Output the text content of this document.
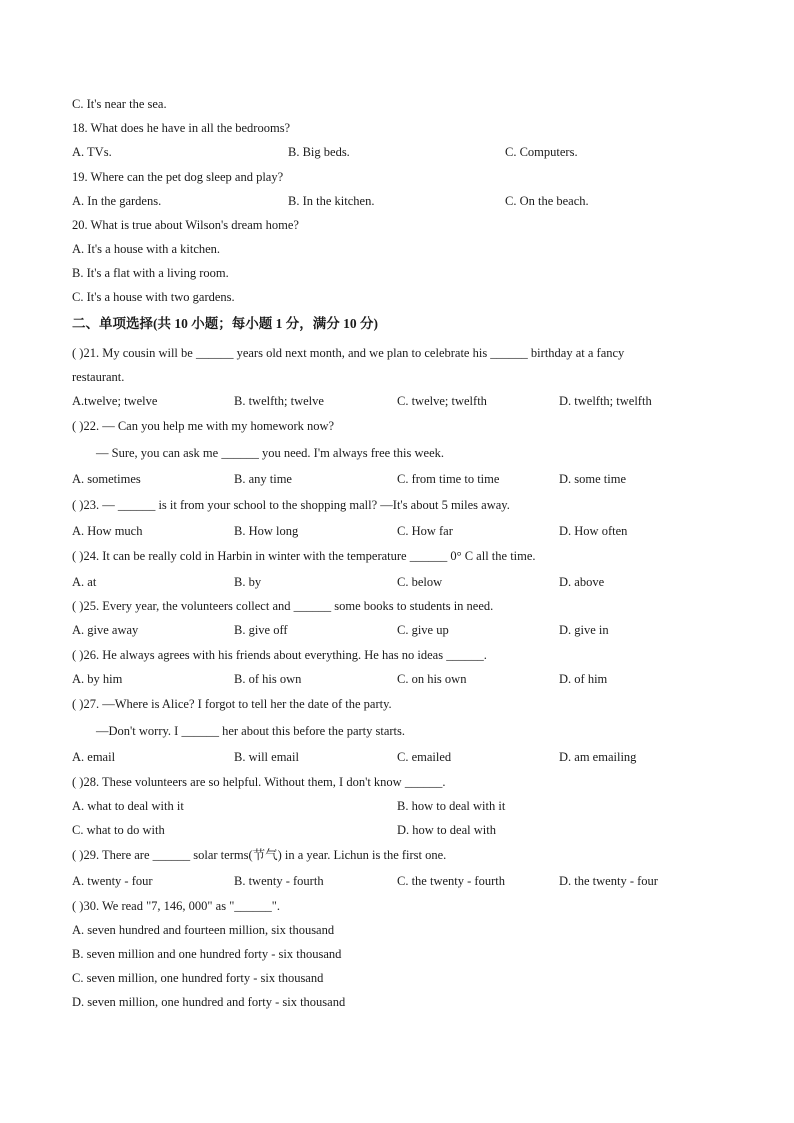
C. It's near the sea.
18. What does he have in all the bedrooms?
A. TVs.	B. Big beds.	C. Computers.
19. Where can the pet dog sleep and play?
A. In the gardens.	B. In the kitchen.	C. On the beach.
20. What is true about Wilson's dream home?
A. It's a house with a kitchen.
B. It's a flat with a living room.
C. It's a house with two gardens.
二、单项选择(共 10 小题；每小题 1 分，满分 10 分)
( )21. My cousin will be ______ years old next month, and we plan to celebrate his ______ birthday at a fancy
restaurant.
A.twelve; twelve	B. twelfth; twelve	C. twelve; twelfth	D. twelfth; twelfth
( )22. — Can you help me with my homework now?
— Sure, you can ask me ______ you need. I'm always free this week.
A. sometimes	B. any time	C. from time to time	D. some time
( )23. — ______ is it from your school to the shopping mall? —It's about 5 miles away.
A. How much	B. How long	C. How far	D. How often
( )24. It can be really cold in Harbin in winter with the temperature ______ 0° C all the time.
A. at	B. by	C. below	D. above
( )25. Every year, the volunteers collect and ______ some books to students in need.
A. give away	B. give off	C. give up	D. give in
( )26. He always agrees with his friends about everything. He has no ideas ______.
A. by him	B. of his own	C. on his own	D. of him
( )27. —Where is Alice? I forgot to tell her the date of the party.
—Don't worry. I ______ her about this before the party starts.
A. email	B. will email	C. emailed	D. am emailing
( )28. These volunteers are so helpful. Without them, I don't know ______.
A. what to deal with it	B. how to deal with it
C. what to do with	D. how to deal with
( )29. There are ______ solar terms(节气) in a year. Lichun is the first one.
A. twenty - four	B. twenty - fourth	C. the twenty - fourth	D. the twenty - four
( )30. We read "7, 146, 000" as "______".
A. seven hundred and fourteen million, six thousand
B. seven million and one hundred forty - six thousand
C. seven million, one hundred forty - six thousand
D. seven million, one hundred and forty - six thousand
